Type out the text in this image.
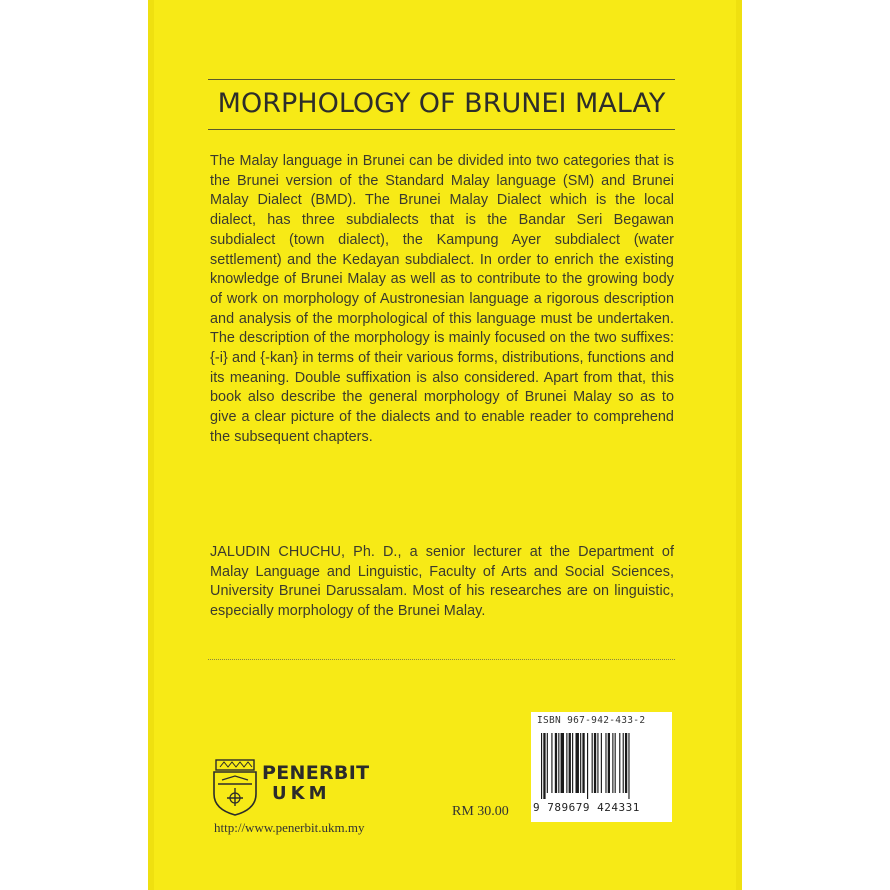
MORPHOLOGY OF BRUNEI MALAY
The Malay language in Brunei can be divided into two categories that is the Brunei version of the Standard Malay language (SM) and Brunei Malay Dialect (BMD). The Brunei Malay Dialect which is the local dialect, has three subdialects that is the Bandar Seri Begawan subdialect (town dialect), the Kampung Ayer subdialect (water settlement) and the Kedayan subdialect. In order to enrich the existing knowledge of Brunei Malay as well as to contribute to the growing body of work on morphology of Austronesian language a rigorous description and analysis of the morphological of this language must be undertaken. The description of the morphology is mainly focused on the two suffixes: {-i} and {-kan} in terms of their various forms, distributions, functions and its meaning. Double suffixation is also considered. Apart from that, this book also describe the general morphology of Brunei Malay so as to give a clear picture of the dialects and to enable reader to comprehend the subsequent chapters.
JALUDIN CHUCHU, Ph. D., a senior lecturer at the Department of Malay Language and Linguistic, Faculty of Arts and Social Sciences, University Brunei Darussalam. Most of his researches are on linguistic, especially morphology of the Brunei Malay.
ISBN 967-942-433-2
9 789679 424331
PENERBIT
UKM
http://www.penerbit.ukm.my
RM 30.00
